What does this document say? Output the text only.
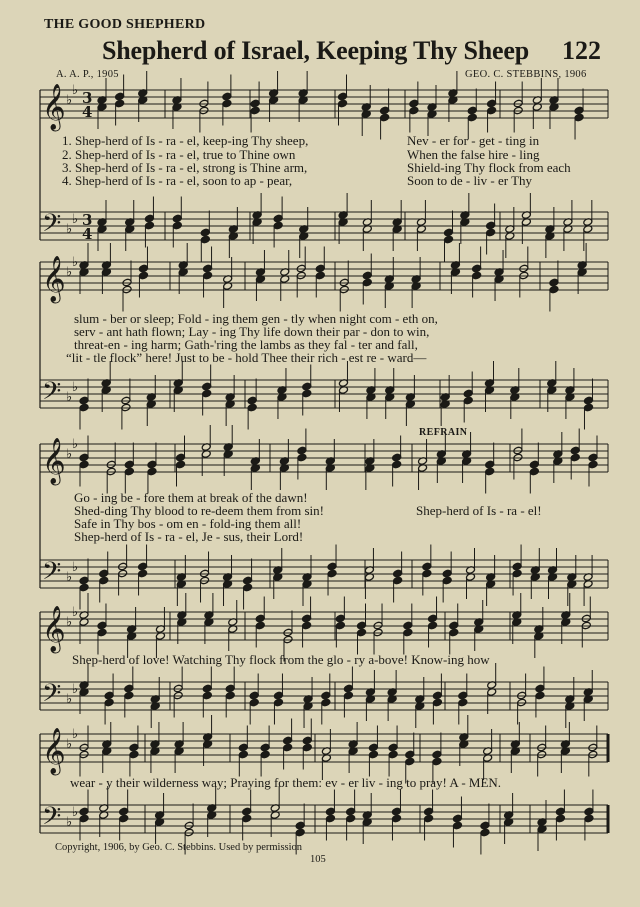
THE GOOD SHEPHERD
Shepherd of Israel, Keeping Thy Sheep 122
A. A. P., 1905	GEO. C. STEBBINS, 1906
𝄞 ♭
♭ 3
4
𝄢 ♭
♭ 3
4
𝄞 ♭
♭
𝄢 ♭
♭
𝄞 ♭
♭
𝄢 ♭
♭
𝄞 ♭
♭
𝄢 ♭
♭
𝄞 ♭
♭
𝄢 ♭
♭
1. Shep-herd of Is - ra - el, keep-ing Thy sheep,	Nev - er for - get - ting in
2. Shep-herd of Is - ra - el, true to Thine own	When the false hire - ling
3. Shep-herd of Is - ra - el, strong is Thine arm,	Shield-ing Thy flock from each
4. Shep-herd of Is - ra - el, soon to ap - pear,	Soon to de - liv - er Thy
slum - ber or sleep; Fold - ing them gen - tly when night com - eth on,
serv - ant hath flown; Lay - ing Thy life down their par - don to win,
threat-en - ing harm; Gath-'ring the lambs as they fal - ter and fall,
“lit - tle flock” here! Just to be - hold Thee their rich - est re - ward—
REFRAIN
Go - ing be - fore them at break of the dawn!
Shed-ding Thy blood to re-deem them from sin!	Shep-herd of Is - ra - el!
Safe in Thy bos - om en - fold-ing them all!
Shep-herd of Is - ra - el, Je - sus, their Lord!
Shep-herd of love! Watching Thy flock from the glo - ry a-bove! Know-ing how
wear - y their wilderness way; Praying for them: ev - er liv - ing to pray! A - MEN.
Copyright, 1906, by Geo. C. Stebbins. Used by permission
105
